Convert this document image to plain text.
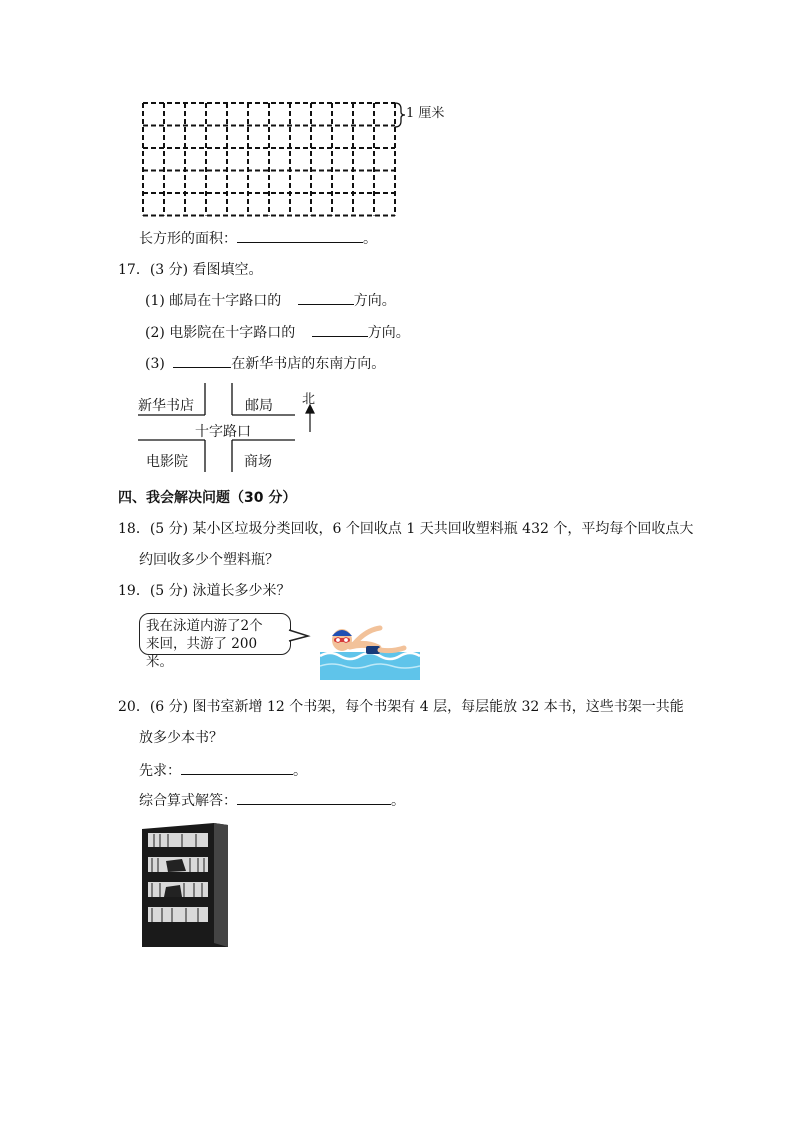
1 厘米
长方形的面积：	。
17．(3 分) 看图填空。
(1) 邮局在十字路口的	方向。
(2) 电影院在十字路口的	方向。
(3)	在新华书店的东南方向。
新华书店	邮局 北
十字路口
电影院	商场
四、我会解决问题（30 分）
18．(5 分) 某小区垃圾分类回收，6 个回收点 1 天共回收塑料瓶 432 个，平均每个回收点大
约回收多少个塑料瓶？
19．(5 分) 泳道长多少米？
我在泳道内游了2个
来回，共游了 200米。
20．(6 分) 图书室新增 12 个书架，每个书架有 4 层，每层能放 32 本书，这些书架一共能
放多少本书？
先求：	。
综合算式解答：	。
